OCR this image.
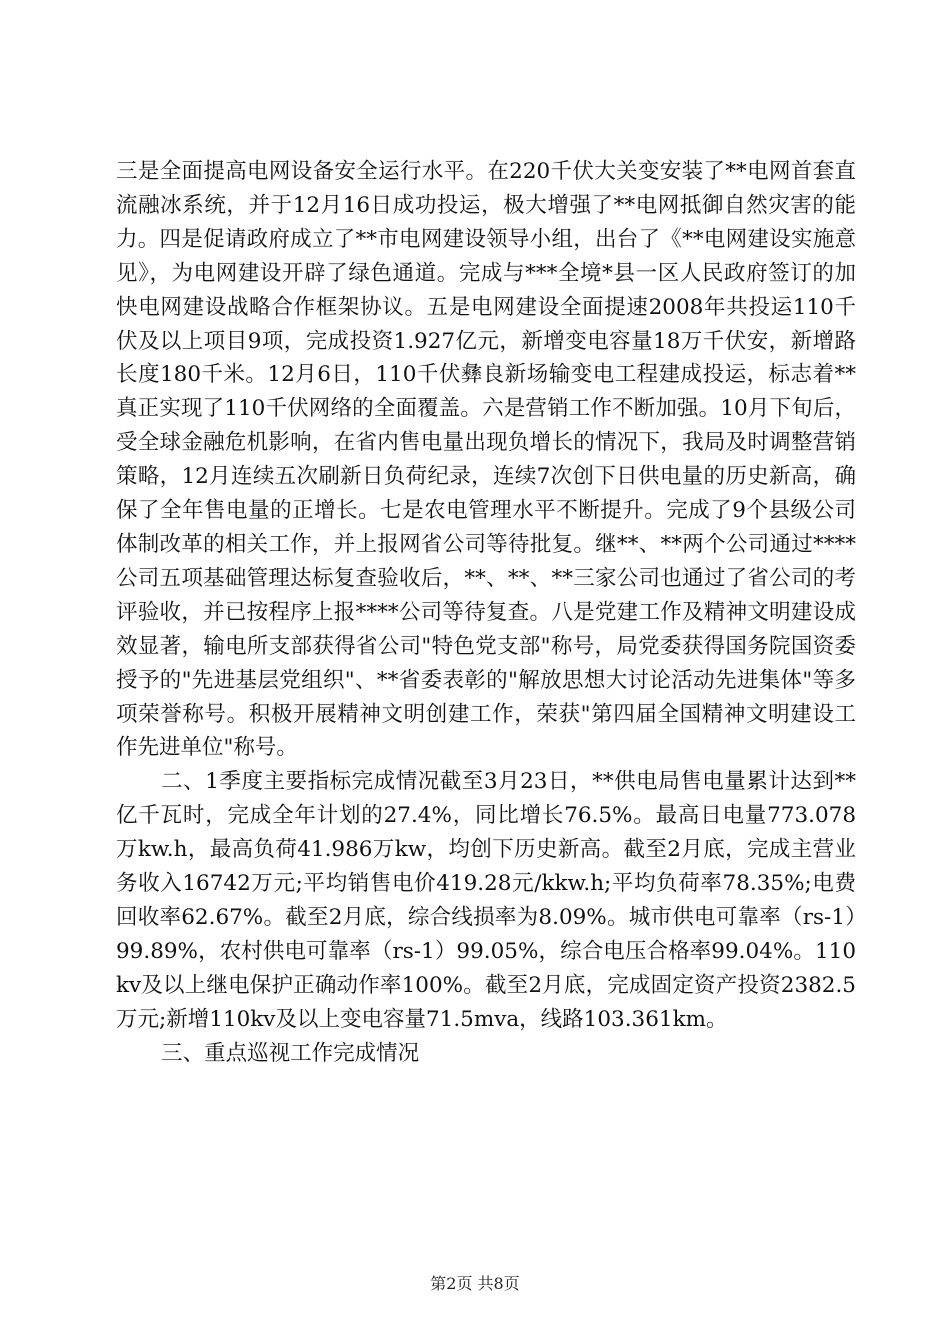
三是全面提高电网设备安全运行水平。在220千伏大关变安装了**电网首套直流融冰系统，并于12月16日成功投运，极大增强了**电网抵御自然灾害的能力。四是促请政府成立了**市电网建设领导小组，出台了《**电网建设实施意见》，为电网建设开辟了绿色通道。完成与***全境*县一区人民政府签订的加快电网建设战略合作框架协议。五是电网建设全面提速2008年共投运110千伏及以上项目9项，完成投资1.927亿元，新增变电容量18万千伏安，新增路长度180千米。12月6日，110千伏彝良新场输变电工程建成投运，标志着**真正实现了110千伏网络的全面覆盖。六是营销工作不断加强。10月下旬后，受全球金融危机影响，在省内售电量出现负增长的情况下，我局及时调整营销策略，12月连续五次刷新日负荷纪录，连续7次创下日供电量的历史新高，确保了全年售电量的正增长。七是农电管理水平不断提升。完成了9个县级公司体制改革的相关工作，并上报网省公司等待批复。继**、**两个公司通过****公司五项基础管理达标复查验收后，**、**、**三家公司也通过了省公司的考评验收，并已按程序上报****公司等待复查。八是党建工作及精神文明建设成效显著，输电所支部获得省公司"特色党支部"称号，局党委获得国务院国资委授予的"先进基层党组织"、**省委表彰的"解放思想大讨论活动先进集体"等多项荣誉称号。积极开展精神文明创建工作，荣获"第四届全国精神文明建设工作先进单位"称号。

二、1季度主要指标完成情况截至3月23日，**供电局售电量累计达到**亿千瓦时，完成全年计划的27.4%，同比增长76.5%。最高日电量773.078万kw.h，最高负荷41.986万kw，均创下历史新高。截至2月底，完成主营业务收入16742万元;平均销售电价419.28元/kkw.h;平均负荷率78.35%;电费回收率62.67%。截至2月底，综合线损率为8.09%。城市供电可靠率（rs-1）99.89%，农村供电可靠率（rs-1）99.05%，综合电压合格率99.04%。110kv及以上继电保护正确动作率100%。截至2月底，完成固定资产投资2382.5万元;新增110kv及以上变电容量71.5mva，线路103.361km。

三、重点巡视工作完成情况

第2页 共8页
